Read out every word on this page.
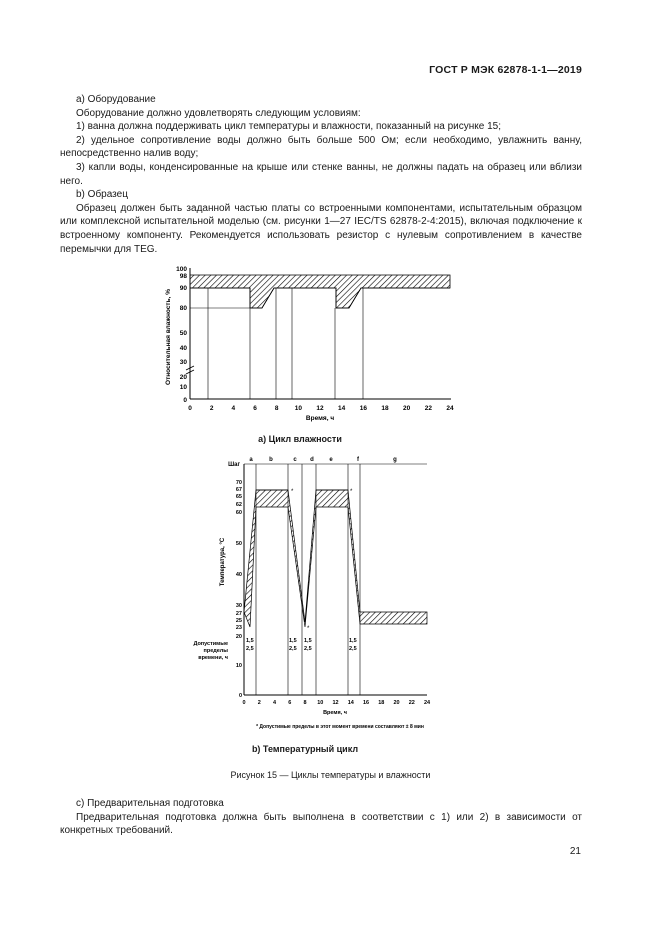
ГОСТ Р МЭК 62878-1-1—2019

а) Оборудование

Оборудование должно удовлетворять следующим условиям:

1) ванна должна поддерживать цикл температуры и влажности, показанный на рисунке 15;

2) удельное сопротивление воды должно быть больше 500 Ом; если необходимо, увлажнить ванну, непосредственно налив воду;

3) капли воды, конденсированные на крыше или стенке ванны, не должны падать на образец или вблизи него.

b) Образец

Образец должен быть заданной частью платы со встроенными компонентами, испытательным образцом или комплексной испытательной моделью (см. рисунки 1—27 IEC/TS 62878-2-4:2015), включая подключение к встроенному компоненту. Рекомендуется использовать резистор с нулевым сопротивлением в качестве перемычки для TEG.

100
98
90
80
50
40
30
20
10
0
0	2	4	6	8 10 12 14 16 18 20 22 24
Относительная влажность, %
Время, ч
а) Цикл влажности
Шаг
a	b	c d	e	f	g
*	*
*
70
67
65
62
60
50
40
30
27
25
23
20
10
0
Температура, °C
Допустимые
пределы
времени, ч
1,5
2,5
1,5
2,5
1,5
2,5
1,5
2,5
0 2 4 6 8 10 12 14 16 18 20 22 24
Время, ч
* Допустимые пределы в этот момент времени составляют ± 8 мин
b) Температурный цикл
Рисунок 15 — Циклы температуры и влажности

с) Предварительная подготовка

Предварительная подготовка должна быть выполнена в соответствии с 1) или 2) в зависимости от конкретных требований.

21
